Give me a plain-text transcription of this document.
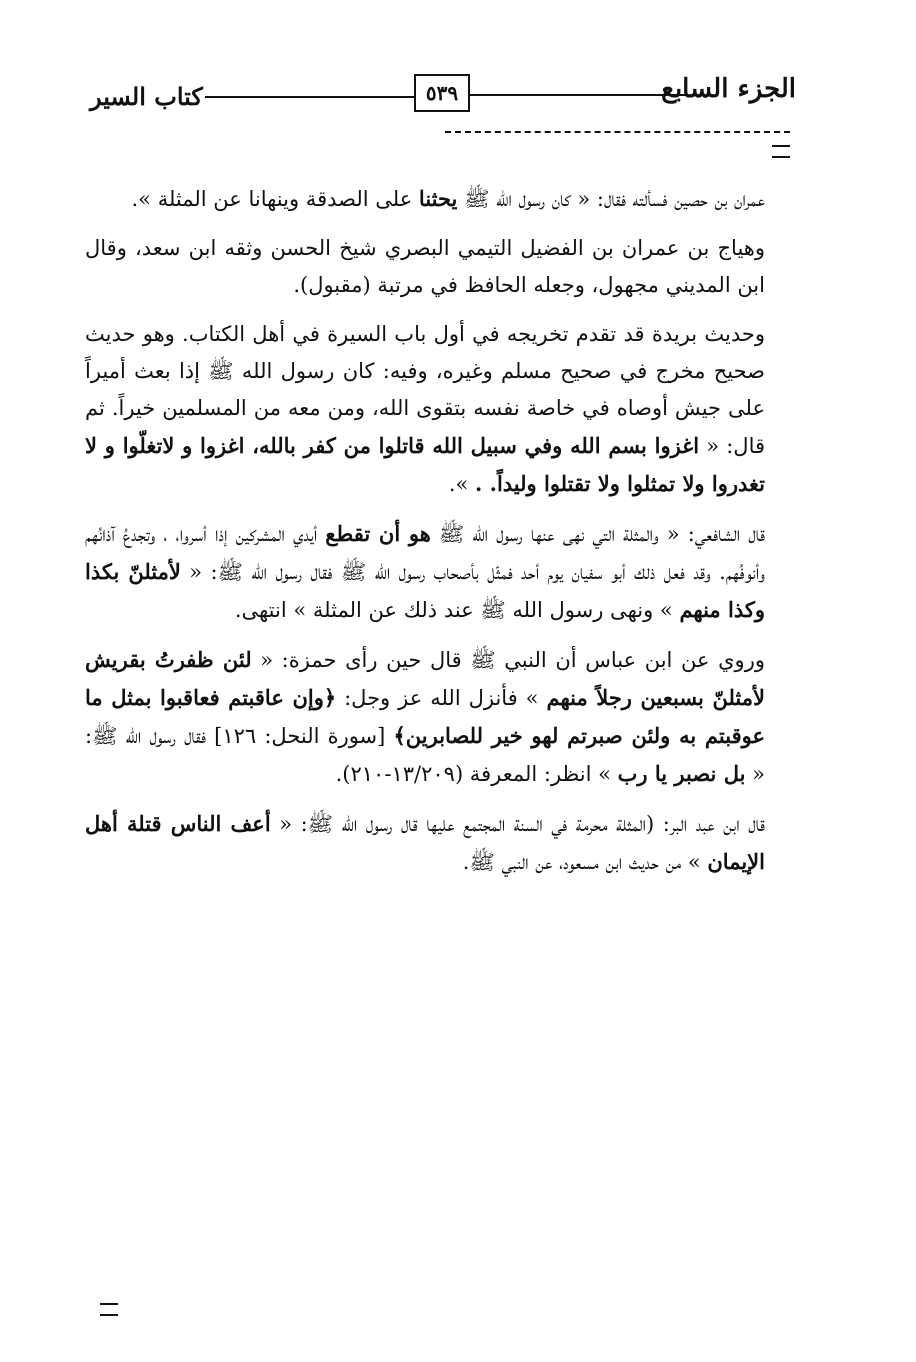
الجزء السابع
٥٣٩
كتاب السير

عمران بن حصين فسألته فقال: « كان رسول الله ﷺ يحثنا على الصدقة وينهانا عن المثلة ».

وهياج بن عمران بن الفضيل التيمي البصري شيخ الحسن وثقه ابن سعد، وقال ابن المديني مجهول، وجعله الحافظ في مرتبة (مقبول).

وحديث بريدة قد تقدم تخريجه في أول باب السيرة في أهل الكتاب. وهو حديث صحيح مخرج في صحيح مسلم وغيره، وفيه: كان رسول الله ﷺ إذا بعث أميراً على جيش أوصاه في خاصة نفسه بتقوى الله، ومن معه من المسلمين خيراً. ثم قال: « اغزوا بسم الله وفي سبيل الله قاتلوا من كفر بالله، اغزوا و لاتغلّوا و لا تغدروا ولا تمثلوا ولا تقتلوا وليداً. . ».

قال الشافعي: « والمثلة التي نهى عنها رسول الله ﷺ هو أن تقطع أيدي المشركين إذا أسروا، ، وتجدعُ آذانُهم وأنوفُهم. وقد فعل ذلك أبو سفيان يوم أحد فمثّل بأصحاب رسول الله ﷺ فقال رسول الله ﷺ: « لأمثلنّ بكذا وكذا منهم » ونهى رسول الله ﷺ عند ذلك عن المثلة » انتهى.

وروي عن ابن عباس أن النبي ﷺ قال حين رأى حمزة: « لئن ظفرتُ بقريش لأمثلنّ بسبعين رجلاً منهم » فأنزل الله عز وجل: ﴿وإن عاقبتم فعاقبوا بمثل ما عوقبتم به ولئن صبرتم لهو خير للصابرين﴾ [سورة النحل: ١٢٦] فقال رسول الله ﷺ: « بل نصبر يا رب » انظر: المعرفة (١٣/٢٠٩-٢١٠).

قال ابن عبد البر: (المثلة محرمة في السنة المجتمع عليها قال رسول الله ﷺ: « أعف الناس قتلة أهل الإيمان » من حديث ابن مسعود، عن النبي ﷺ.
